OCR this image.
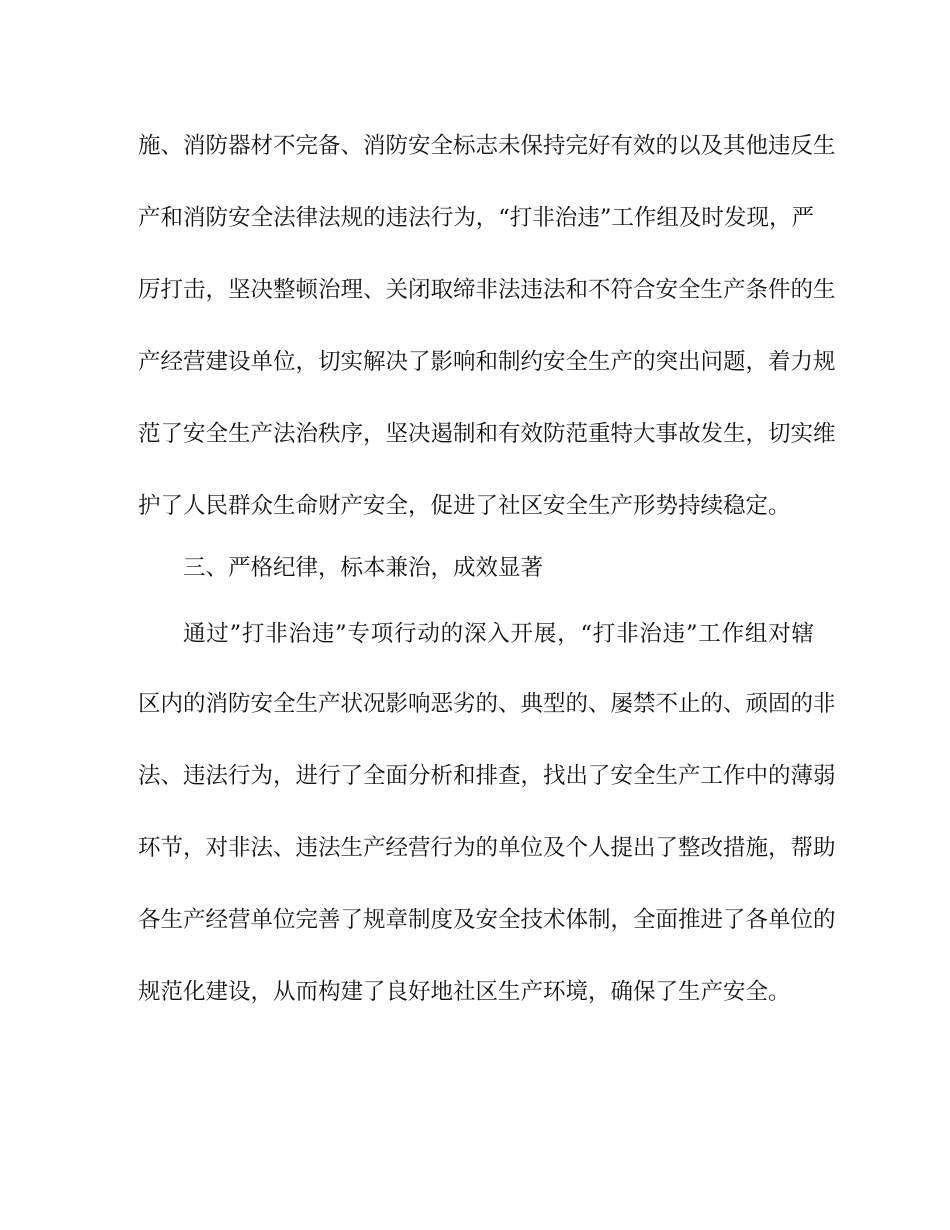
施、消防器材不完备、消防安全标志未保持完好有效的以及其他违反生
产和消防安全法律法规的违法行为，“打非治违”工作组及时发现，严
厉打击，坚决整顿治理、关闭取缔非法违法和不符合安全生产条件的生
产经营建设单位，切实解决了影响和制约安全生产的突出问题，着力规
范了安全生产法治秩序，坚决遏制和有效防范重特大事故发生，切实维
护了人民群众生命财产安全，促进了社区安全生产形势持续稳定。
三、严格纪律，标本兼治，成效显著
通过”打非治违”专项行动的深入开展，“打非治违”工作组对辖
区内的消防安全生产状况影响恶劣的、典型的、屡禁不止的、顽固的非
法、违法行为，进行了全面分析和排查，找出了安全生产工作中的薄弱
环节，对非法、违法生产经营行为的单位及个人提出了整改措施，帮助
各生产经营单位完善了规章制度及安全技术体制，全面推进了各单位的
规范化建设，从而构建了良好地社区生产环境，确保了生产安全。
